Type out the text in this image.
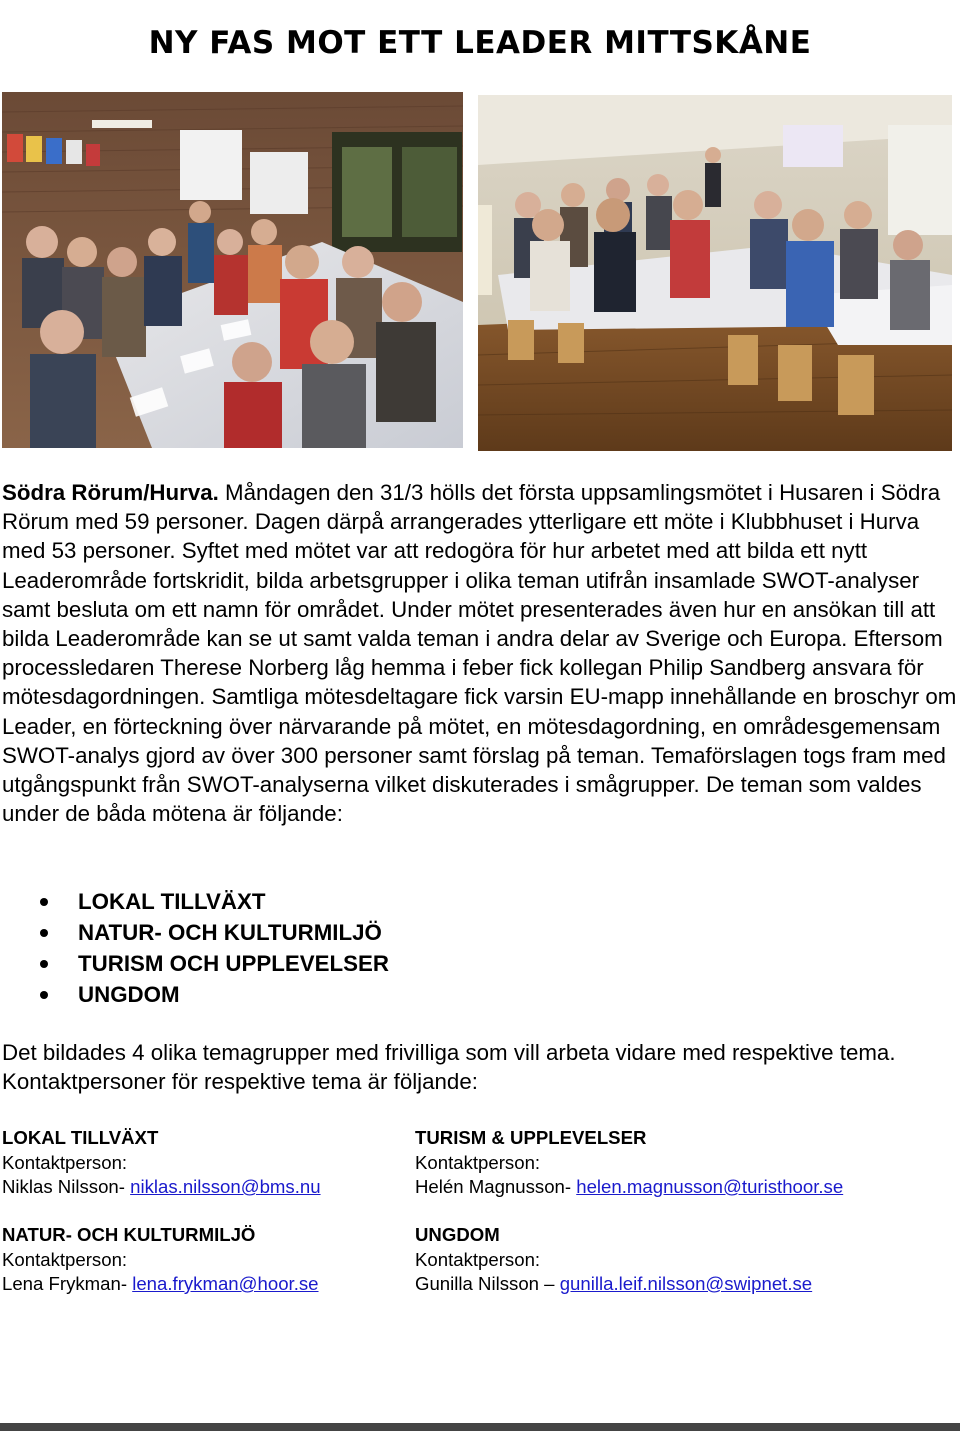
NY FAS MOT ETT LEADER MITTSKÅNE

Södra Rörum/Hurva. Måndagen den 31/3 hölls det första uppsamlingsmötet i Husaren i Södra Rörum med 59 personer. Dagen därpå arrangerades ytterligare ett möte i Klubbhuset i Hurva med 53 personer. Syftet med mötet var att redogöra för hur arbetet med att bilda ett nytt Leaderområde fortskridit, bilda arbetsgrupper i olika teman utifrån insamlade SWOT-analyser samt besluta om ett namn för området. Under mötet presenterades även hur en ansökan till att bilda Leaderområde kan se ut samt valda teman i andra delar av Sverige och Europa. Eftersom processledaren Therese Norberg låg hemma i feber fick kollegan Philip Sandberg ansvara för mötesdagordningen. Samtliga mötesdeltagare fick varsin EU-mapp innehållande en broschyr om Leader, en förteckning över närvarande på mötet, en mötesdagordning, en områdesgemensam SWOT-analys gjord av över 300 personer samt förslag på teman. Temaförslagen togs fram med utgångspunkt från SWOT-analyserna vilket diskuterades i smågrupper. De teman som valdes under de båda mötena är följande:

LOKAL TILLVÄXT
NATUR- OCH KULTURMILJÖ
TURISM OCH UPPLEVELSER
UNGDOM

Det bildades 4 olika temagrupper med frivilliga som vill arbeta vidare med respektive tema. Kontaktpersoner för respektive tema är följande:

LOKAL TILLVÄXT
Kontaktperson:
Niklas Nilsson- niklas.nilsson@bms.nu
TURISM & UPPLEVELSER
Kontaktperson:
Helén Magnusson- helen.magnusson@turisthoor.se
NATUR- OCH KULTURMILJÖ
Kontaktperson:
Lena Frykman- lena.frykman@hoor.se
UNGDOM
Kontaktperson:
Gunilla Nilsson – gunilla.leif.nilsson@swipnet.se
